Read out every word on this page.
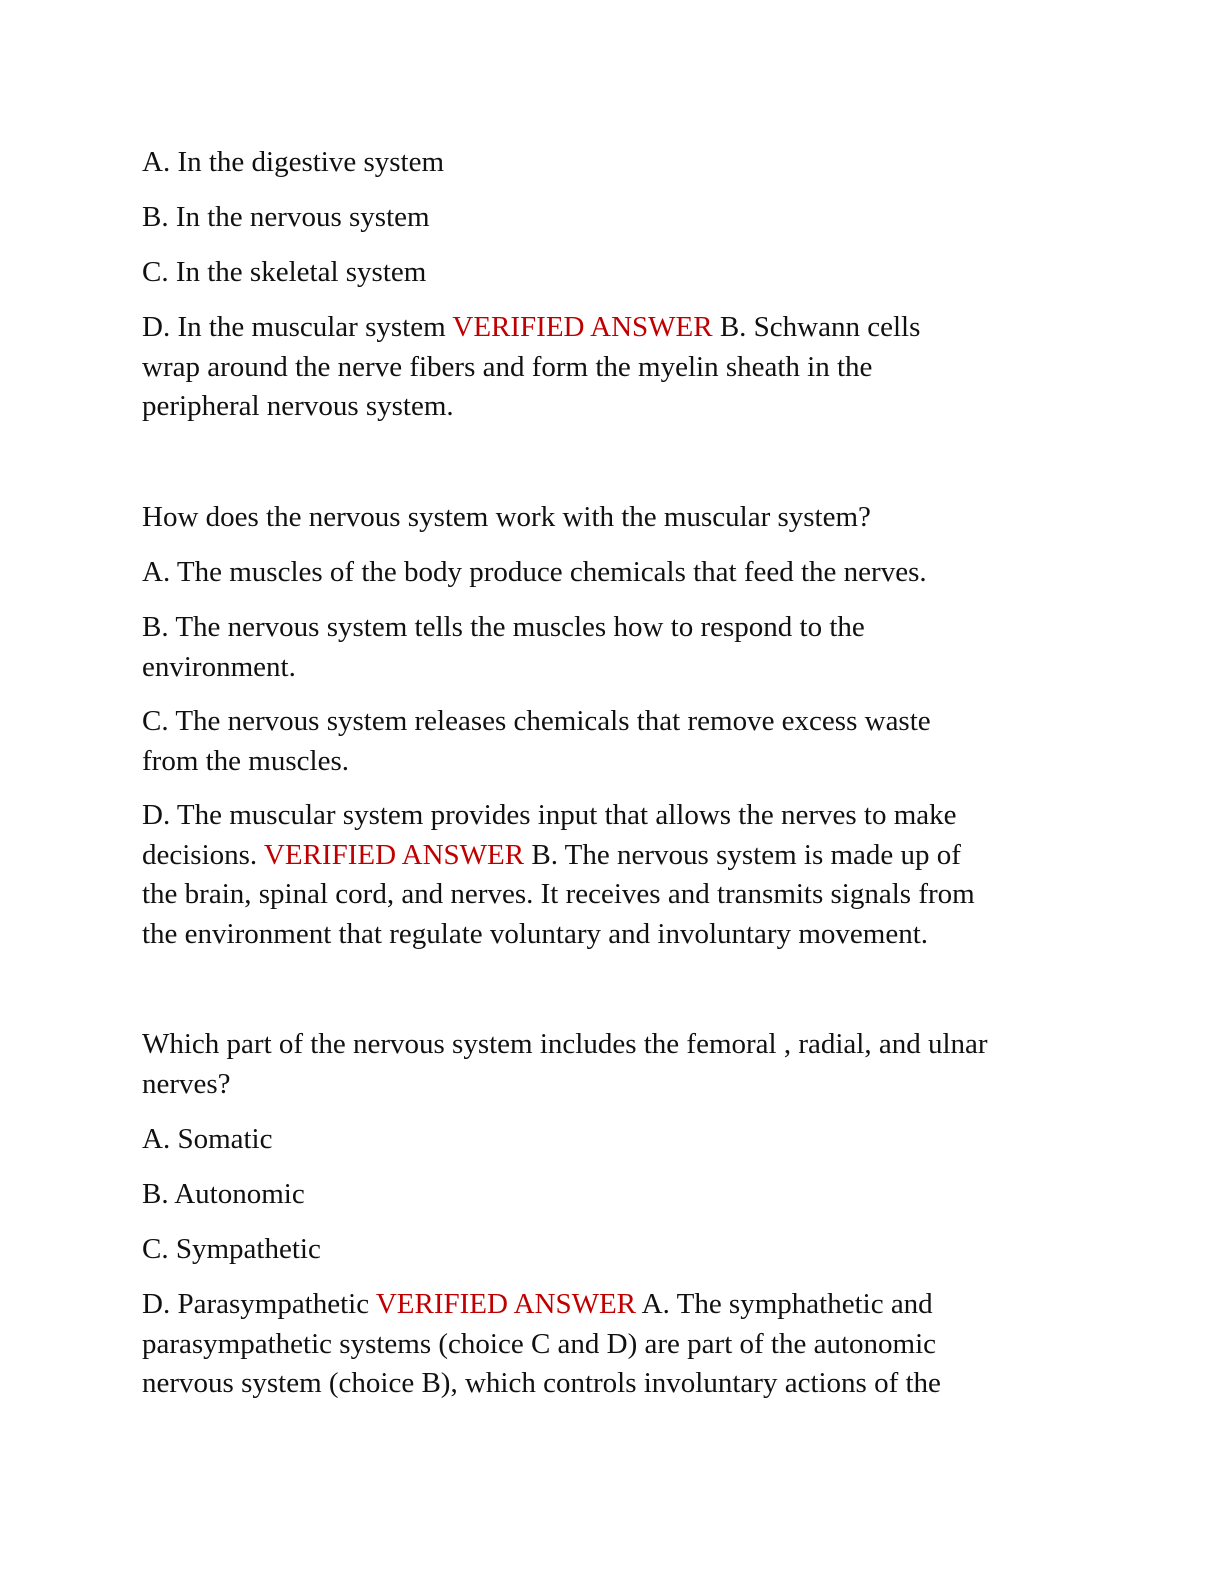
A. In the digestive system
B. In the nervous system
C. In the skeletal system
D. In the muscular system VERIFIED ANSWER B. Schwann cells
wrap around the nerve fibers and form the myelin sheath in the
peripheral nervous system.
How does the nervous system work with the muscular system?
A. The muscles of the body produce chemicals that feed the nerves.
B. The nervous system tells the muscles how to respond to the
environment.
C. The nervous system releases chemicals that remove excess waste
from the muscles.
D. The muscular system provides input that allows the nerves to make
decisions. VERIFIED ANSWER B. The nervous system is made up of
the brain, spinal cord, and nerves. It receives and transmits signals from
the environment that regulate voluntary and involuntary movement.
Which part of the nervous system includes the femoral , radial, and ulnar
nerves?
A. Somatic
B. Autonomic
C. Sympathetic
D. Parasympathetic VERIFIED ANSWER A. The symphathetic and
parasympathetic systems (choice C and D) are part of the autonomic
nervous system (choice B), which controls involuntary actions of the
